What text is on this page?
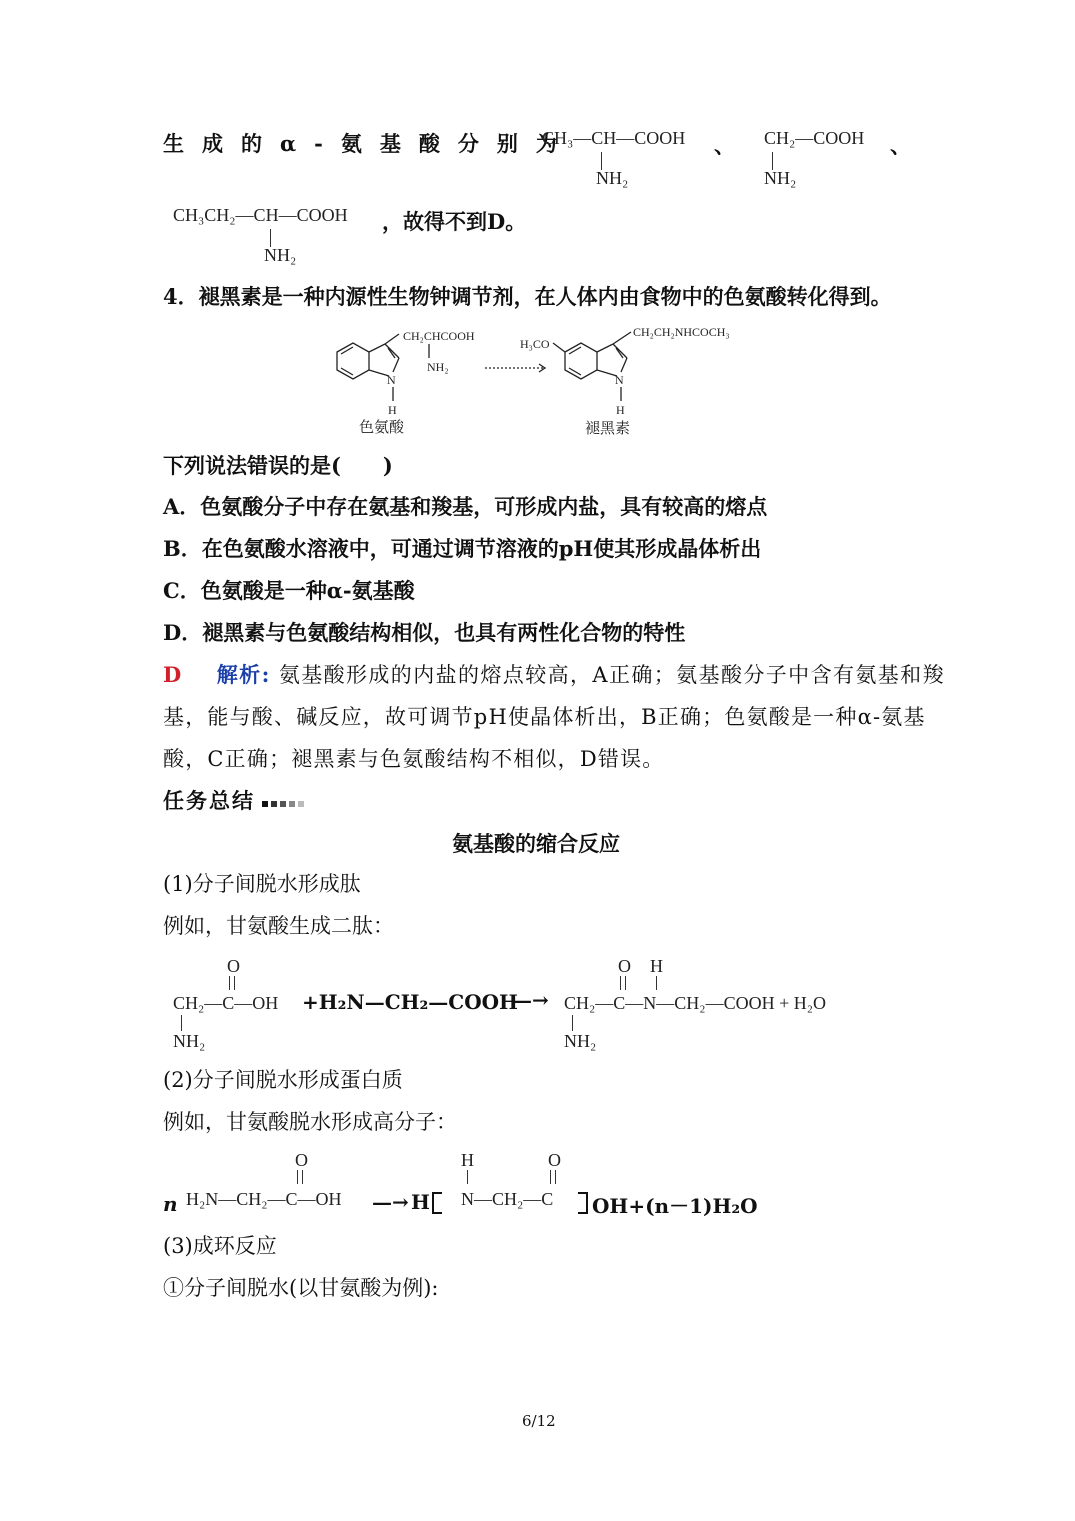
生成的α-氨基酸分别为
CH₃—CH—COOH
NH₂
、 CH₂—COOH
NH₂
、
CH₃CH₂—CH—COOH
NH₂
，故得不到D。
4．褪黑素是一种内源性生物钟调节剂，在人体内由食物中的色氨酸转化得到。
CH₂CHCOOH
NH₂
N
H
CH₂CH₂NHCOCH₃
H₃CO
N
H
色氨酸	褪黑素
下列说法错误的是(　　)
A．色氨酸分子中存在氨基和羧基，可形成内盐，具有较高的熔点
B．在色氨酸水溶液中，可通过调节溶液的pH使其形成晶体析出
C．色氨酸是一种α-氨基酸
D．褪黑素与色氨酸结构相似，也具有两性化合物的特性
D 解析: 氨基酸形成的内盐的熔点较高，A正确；氨基酸分子中含有氨基和羧
基，能与酸、碱反应，故可调节pH使晶体析出，B正确；色氨酸是一种α-氨基
酸，C正确；褪黑素与色氨酸结构不相似，D错误。
任务总结
氨基酸的缩合反应
(1)分子间脱水形成肽
例如，甘氨酸生成二肽：
O
CH₂—C—OH
NH₂
+H₂N—CH₂—COOH
—→
O H
CH₂—C—N—CH₂—COOH + H₂O
NH₂
(2)分子间脱水形成蛋白质
例如，甘氨酸脱水形成高分子：
n
O
H₂N—CH₂—C—OH —→ H
H	O
N—CH₂—C OH+(n－1)H₂O
(3)成环反应
①分子间脱水(以甘氨酸为例):
6/12
